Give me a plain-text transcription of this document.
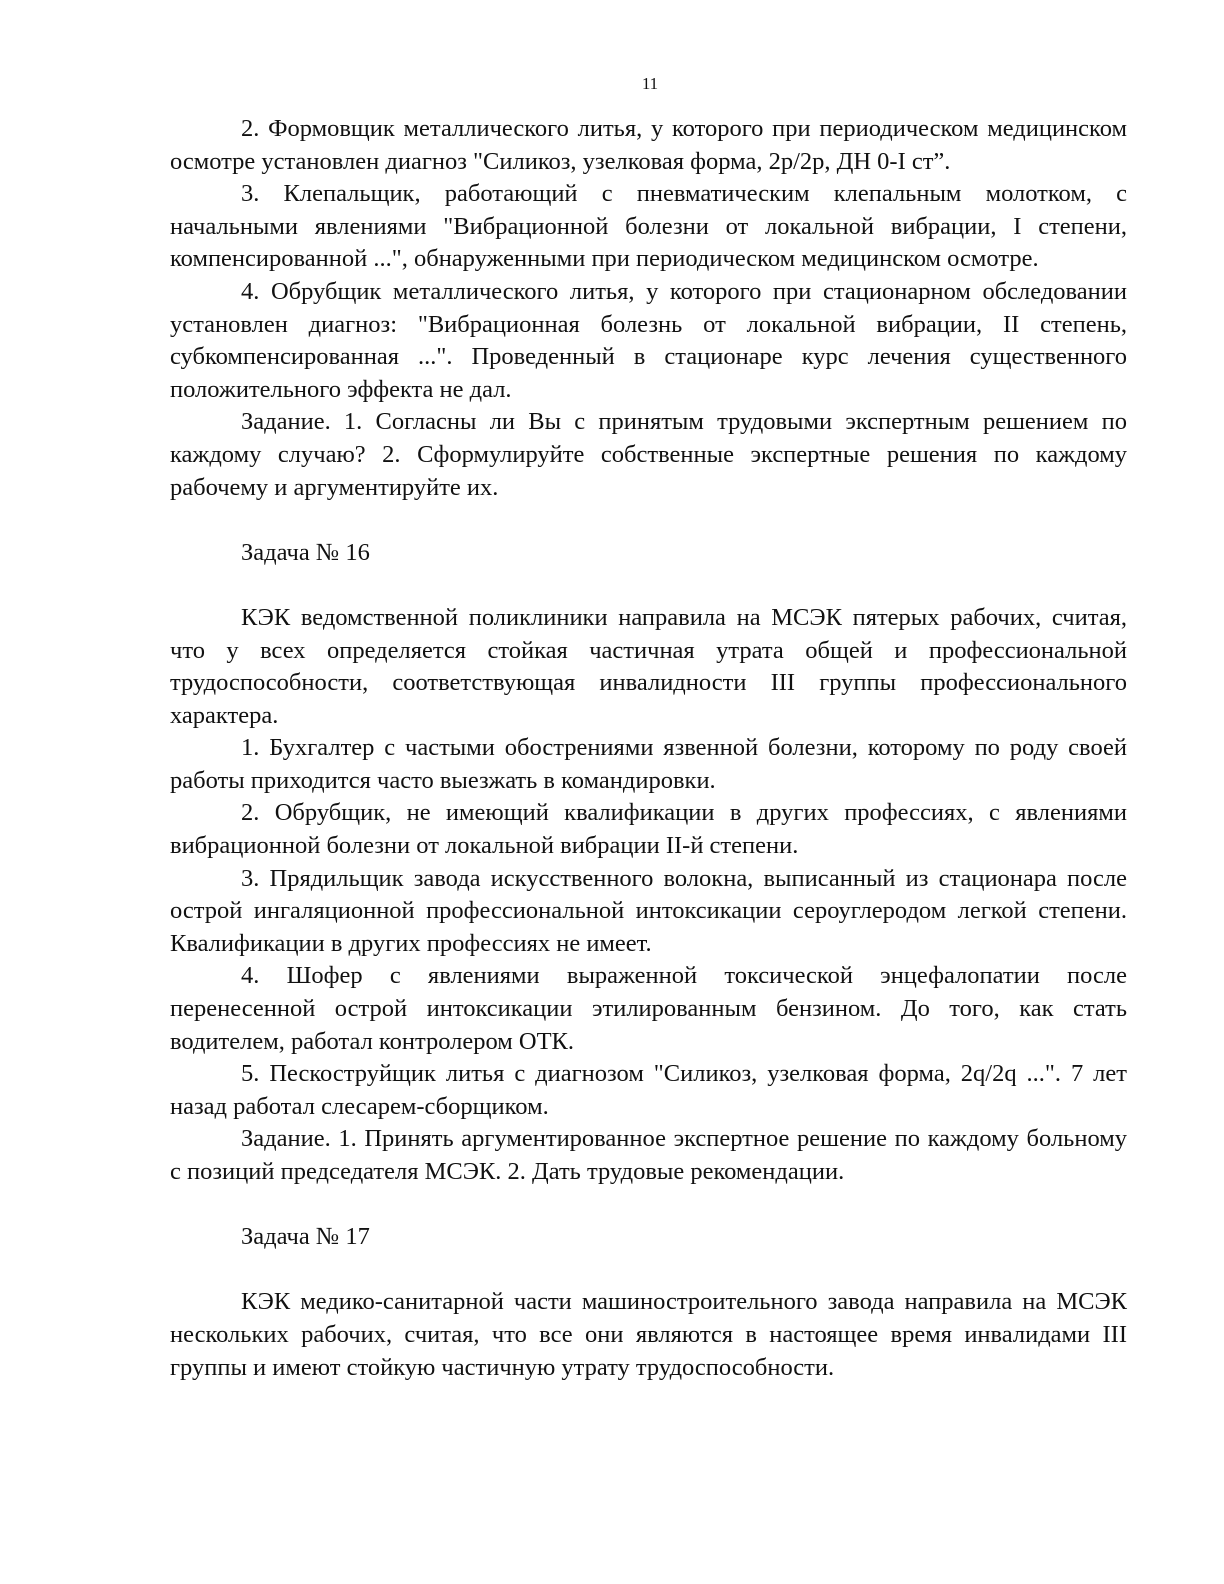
11

2. Формовщик металлического литья, у которого при периодическом медицинском осмотре установлен диагноз "Силикоз, узелковая форма, 2р/2р, ДН 0-I ст”.

3. Клепальщик, работающий с пневматическим клепальным молотком, с начальными явлениями "Вибрационной болезни от локальной вибрации, I степени, компенсированной ...", обнаруженными при периодическом медицинском осмотре.

4. Обрубщик металлического литья, у которого при стационарном обследовании установлен диагноз: "Вибрационная болезнь от локальной вибрации, II степень, субкомпенсированная ...". Проведенный в стационаре курс лечения существенного положительного эффекта не дал.

Задание. 1. Согласны ли Вы с принятым трудовыми экспертным решением по каждому случаю? 2. Сформулируйте собственные экспертные решения по каждому рабочему и аргументируйте их.

Задача № 16

КЭК ведомственной поликлиники направила на МСЭК пятерых рабочих, считая, что у всех определяется стойкая частичная утрата общей и профессиональной трудоспособности, соответствующая инвалидности III группы профессионального характера.

1. Бухгалтер с частыми обострениями язвенной болезни, которому по роду своей работы приходится часто выезжать в командировки.

2. Обрубщик, не имеющий квалификации в других профессиях, с явлениями вибрационной болезни от локальной вибрации II-й степени.

3. Прядильщик завода искусственного волокна, выписанный из стационара после острой ингаляционной профессиональной интоксикации сероуглеродом легкой степени. Квалификации в других профессиях не имеет.

4. Шофер с явлениями выраженной токсической энцефалопатии после перенесенной острой интоксикации этилированным бензином. До того, как стать водителем, работал контролером ОТК.

5. Пескоструйщик литья с диагнозом "Силикоз, узелковая форма, 2q/2q ...". 7 лет назад работал слесарем-сборщиком.

Задание. 1. Принять аргументированное экспертное решение по каждому больному с позиций председателя МСЭК. 2. Дать трудовые рекомендации.

Задача № 17

КЭК медико-санитарной части машиностроительного завода направила на МСЭК нескольких рабочих, считая, что все они являются в настоящее время инвалидами III группы и имеют стойкую частичную утрату трудоспособности.
